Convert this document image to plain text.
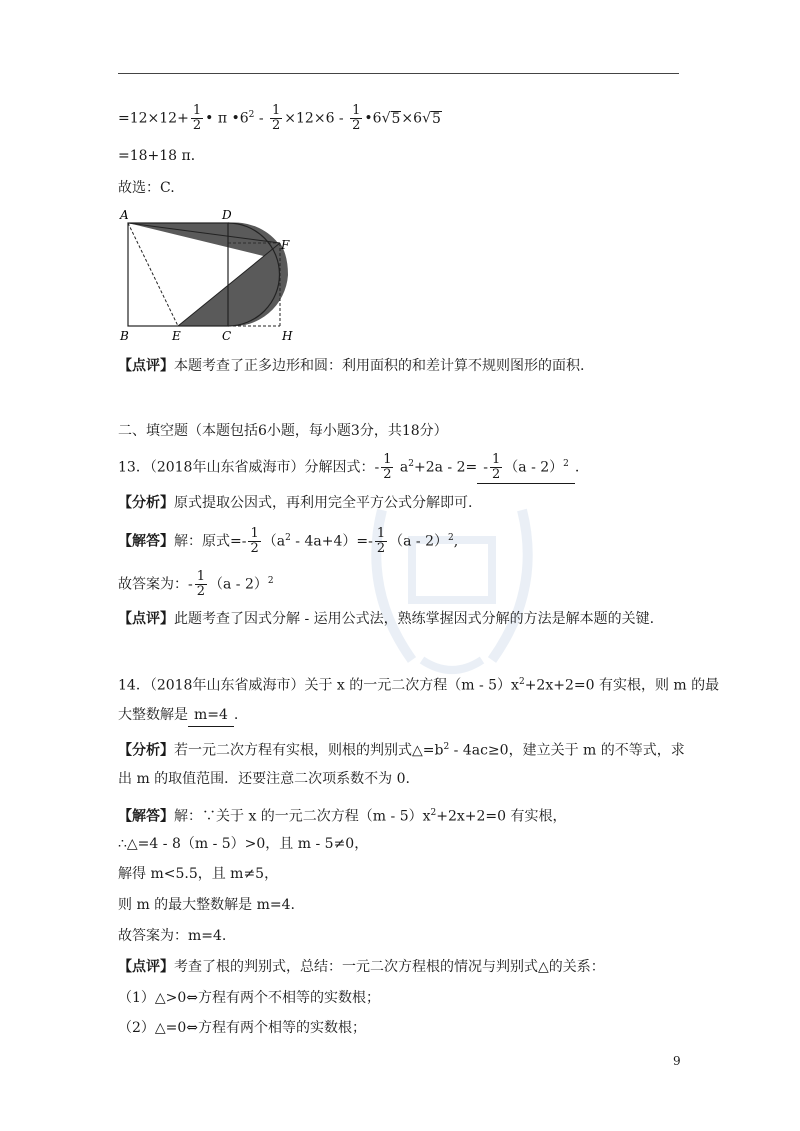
$=12\times 12+ \frac{1}{2}$ • π $•6^2 - \frac{1}{2} \times 12\times 6 - \frac{1}{2}$ •6√5×6√5
=18+18 π．
故选：C.
A	D
F
B	E	C	H
【点评】本题考查了正多边形和圆：利用面积的和差计算不规则图形的面积.
二、填空题（本题包括6小题，每小题3分，共18分）
13．（2018年山东省威海市）分解因式：- $\frac{1}{2} a^2+2a - 2= - \frac{1}{2} (a - 2)^2$ .
【分析】原式提取公因式，再利用完全平方公式分解即可.
【解答】解：原式=- $\frac{1}{2} (a^2 - 4a+4)=- \frac{1}{2} (a - 2)^2$,
故答案为：- $\frac{1}{2} (a - 2)^2$
【点评】此题考查了因式分解 - 运用公式法，熟练掌握因式分解的方法是解本题的关键.
14．（2018年山东省威海市）关于 x 的一元二次方程$(m - 5)x^2+2x+2=0$ 有实根，则 m 的最
大整数解是 m=4 .
【分析】若一元二次方程有实根，则根的判别式$\triangle=b^2 - 4ac\ge 0$，建立关于 m 的不等式，求
出 m 的取值范围．还要注意二次项系数不为 0.
【解答】解：∵关于 x 的一元二次方程$(m - 5)x^2+2x+2=0$ 有实根，
∴△=4 - 8（m - 5）>0，且 m - 5≠0，
解得 m<5.5，且 m≠5，
则 m 的最大整数解是 m=4.
故答案为：m=4.
【点评】考查了根的判别式，总结：一元二次方程根的情况与判别式△的关系：
（1）△>0⇔方程有两个不相等的实数根；
（2）△=0⇔方程有两个相等的实数根；
9
